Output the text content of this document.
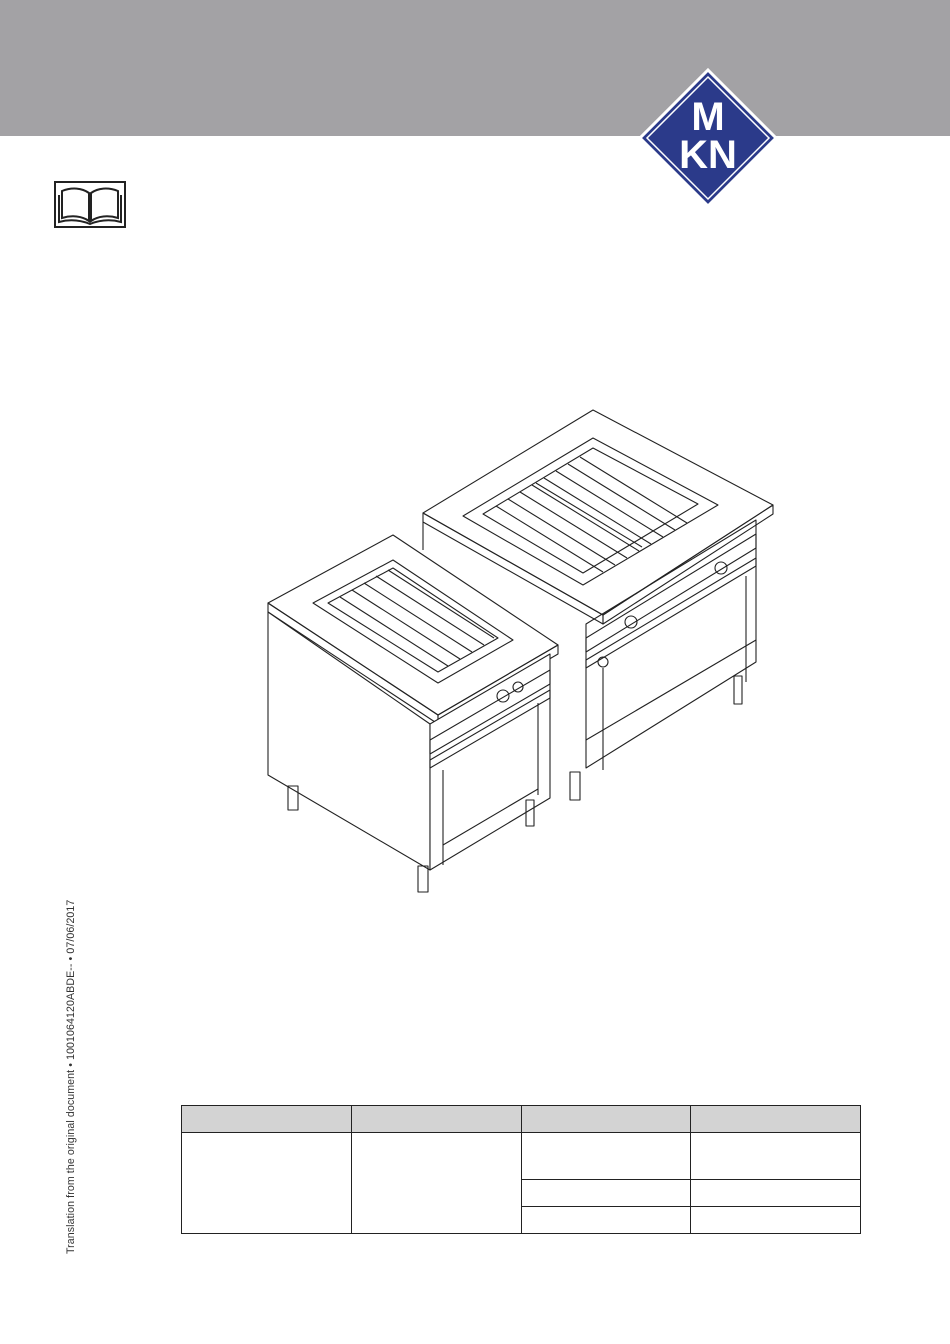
M
KN
Translation from the original document • 1001064120ABDE-- • 07/06/2017
